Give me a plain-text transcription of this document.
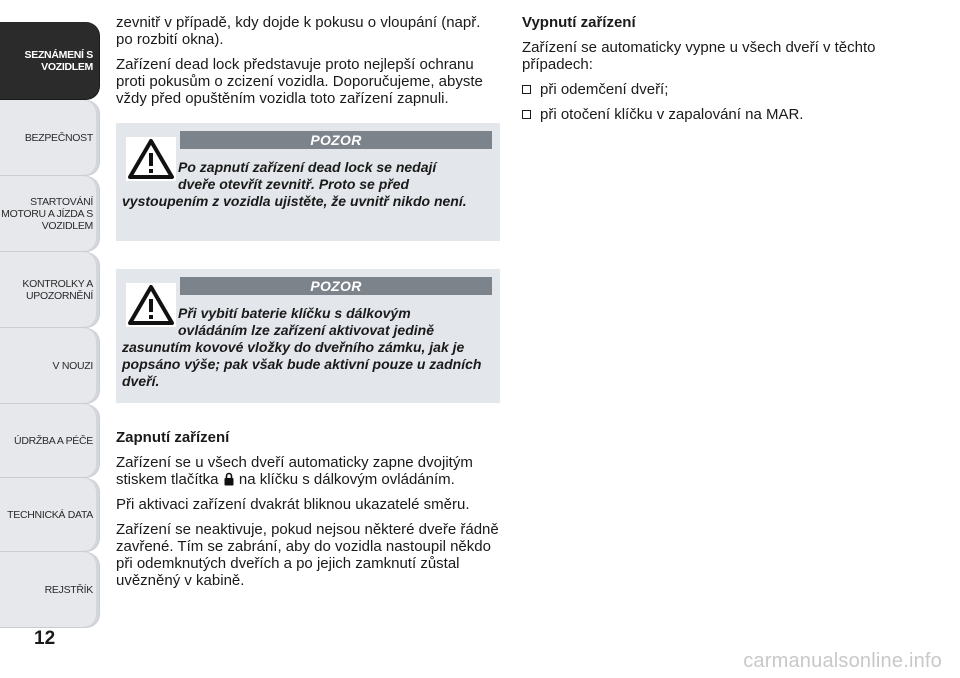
SEZNÁMENÍ S
VOZIDLEM
BEZPEČNOST
STARTOVÁNÍ
MOTORU A JÍZDA S
VOZIDLEM
KONTROLKY A
UPOZORNĚNÍ
V NOUZI
ÚDRŽBA A PÉČE
TECHNICKÁ DATA
REJSTŘÍK
12

zevnitř v případě, kdy dojde k pokusu o vloupání (např. po rozbití okna).

Zařízení dead lock představuje proto nejlepší ochranu proti pokusům o zcizení vozidla. Doporučujeme, abyste vždy před opuštěním vozidla toto zařízení zapnuli.

POZOR
Po zapnutí zařízení dead lock se nedají
dveře otevřít zevnitř. Proto se před
vystoupením z vozidla ujistěte, že uvnitř nikdo není.
POZOR
Při vybití baterie klíčku s dálkovým
ovládáním lze zařízení aktivovat jedině
zasunutím kovové vložky do dveřního zámku, jak je popsáno výše; pak však bude aktivní pouze u zadních dveří.
Zapnutí zařízení

Zařízení se u všech dveří automaticky zapne dvojitým stiskem tlačítka na klíčku s dálkovým ovládáním.

Při aktivaci zařízení dvakrát bliknou ukazatelé směru.

Zařízení se neaktivuje, pokud nejsou některé dveře řádně zavřené. Tím se zabrání, aby do vozidla nastoupil někdo při odemknutých dveřích a po jejich zamknutí zůstal uvězněný v kabině.

Vypnutí zařízení

Zařízení se automaticky vypne u všech dveří v těchto případech:

při odemčení dveří;
při otočení klíčku v zapalování na MAR.
carmanualsonline.info
